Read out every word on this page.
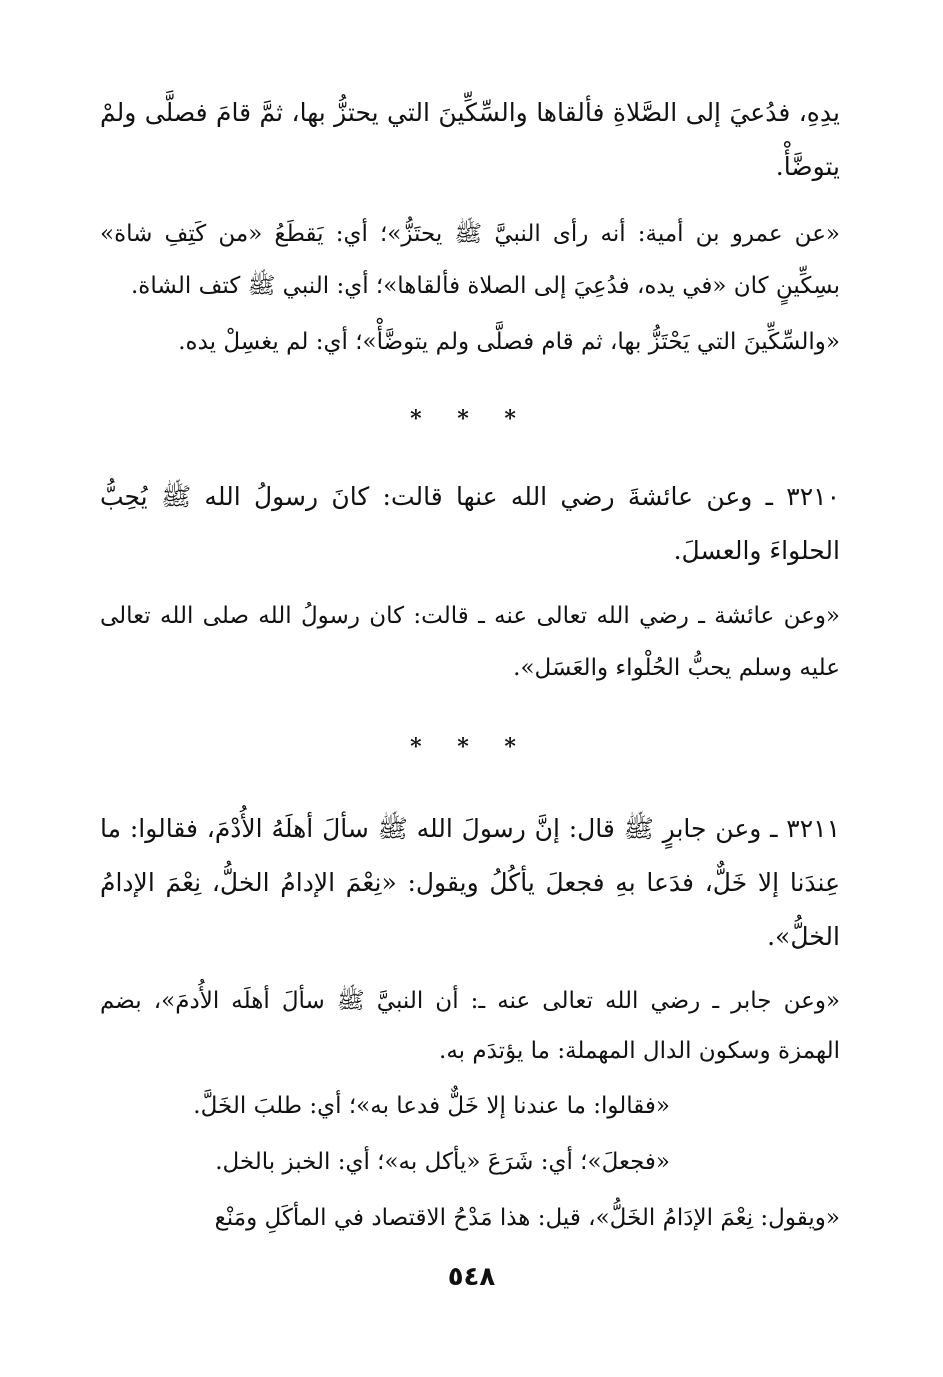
يدِهِ، فدُعيَ إلى الصَّلاةِ فألقاها والسِّكِّينَ التي يحتزُّ بها، ثمَّ قامَ فصلَّى ولمْ يتوضَّأْ.

«عن عمرو بن أمية: أنه رأى النبيَّ ﷺ يحتَزُّ»؛ أي: يَقطَعُ «من كَتِفِ شاة» بسِكِّينٍ كان «في يده، فدُعِيَ إلى الصلاة فألقاها»؛ أي: النبي ﷺ كتف الشاة.

«والسِّكِّينَ التي يَحْتَزُّ بها، ثم قام فصلَّى ولم يتوضَّأْ»؛ أي: لم يغسِلْ يده.

* * *

٣٢١٠ ـ وعن عائشةَ رضي الله عنها قالت: كانَ رسولُ الله ﷺ يُحِبُّ الحلواءَ والعسلَ.

«وعن عائشة ـ رضي الله تعالى عنه ـ قالت: كان رسولُ الله صلى الله تعالى عليه وسلم يحبُّ الحُلْواء والعَسَل».

* * *

٣٢١١ ـ وعن جابرٍ ﷺ قال: إنَّ رسولَ الله ﷺ سألَ أهلَهُ الأُدْمَ، فقالوا: ما عِندَنا إلا خَلٌّ، فدَعا بهِ فجعلَ يأكُلُ ويقول: «نِعْمَ الإدامُ الخلُّ، نِعْمَ الإدامُ الخلُّ».

«وعن جابر ـ رضي الله تعالى عنه ـ: أن النبيَّ ﷺ سألَ أهلَه الأُدمَ»، بضم الهمزة وسكون الدال المهملة: ما يؤتدَم به.

«فقالوا: ما عندنا إلا خَلٌّ فدعا به»؛ أي: طلبَ الخَلَّ.

«فجعلَ»؛ أي: شَرَعَ «يأكل به»؛ أي: الخبز بالخل.

«ويقول: نِعْمَ الإدَامُ الخَلُّ»، قيل: هذا مَدْحُ الاقتصاد في المأكَلِ ومَنْع

٥٤٨
